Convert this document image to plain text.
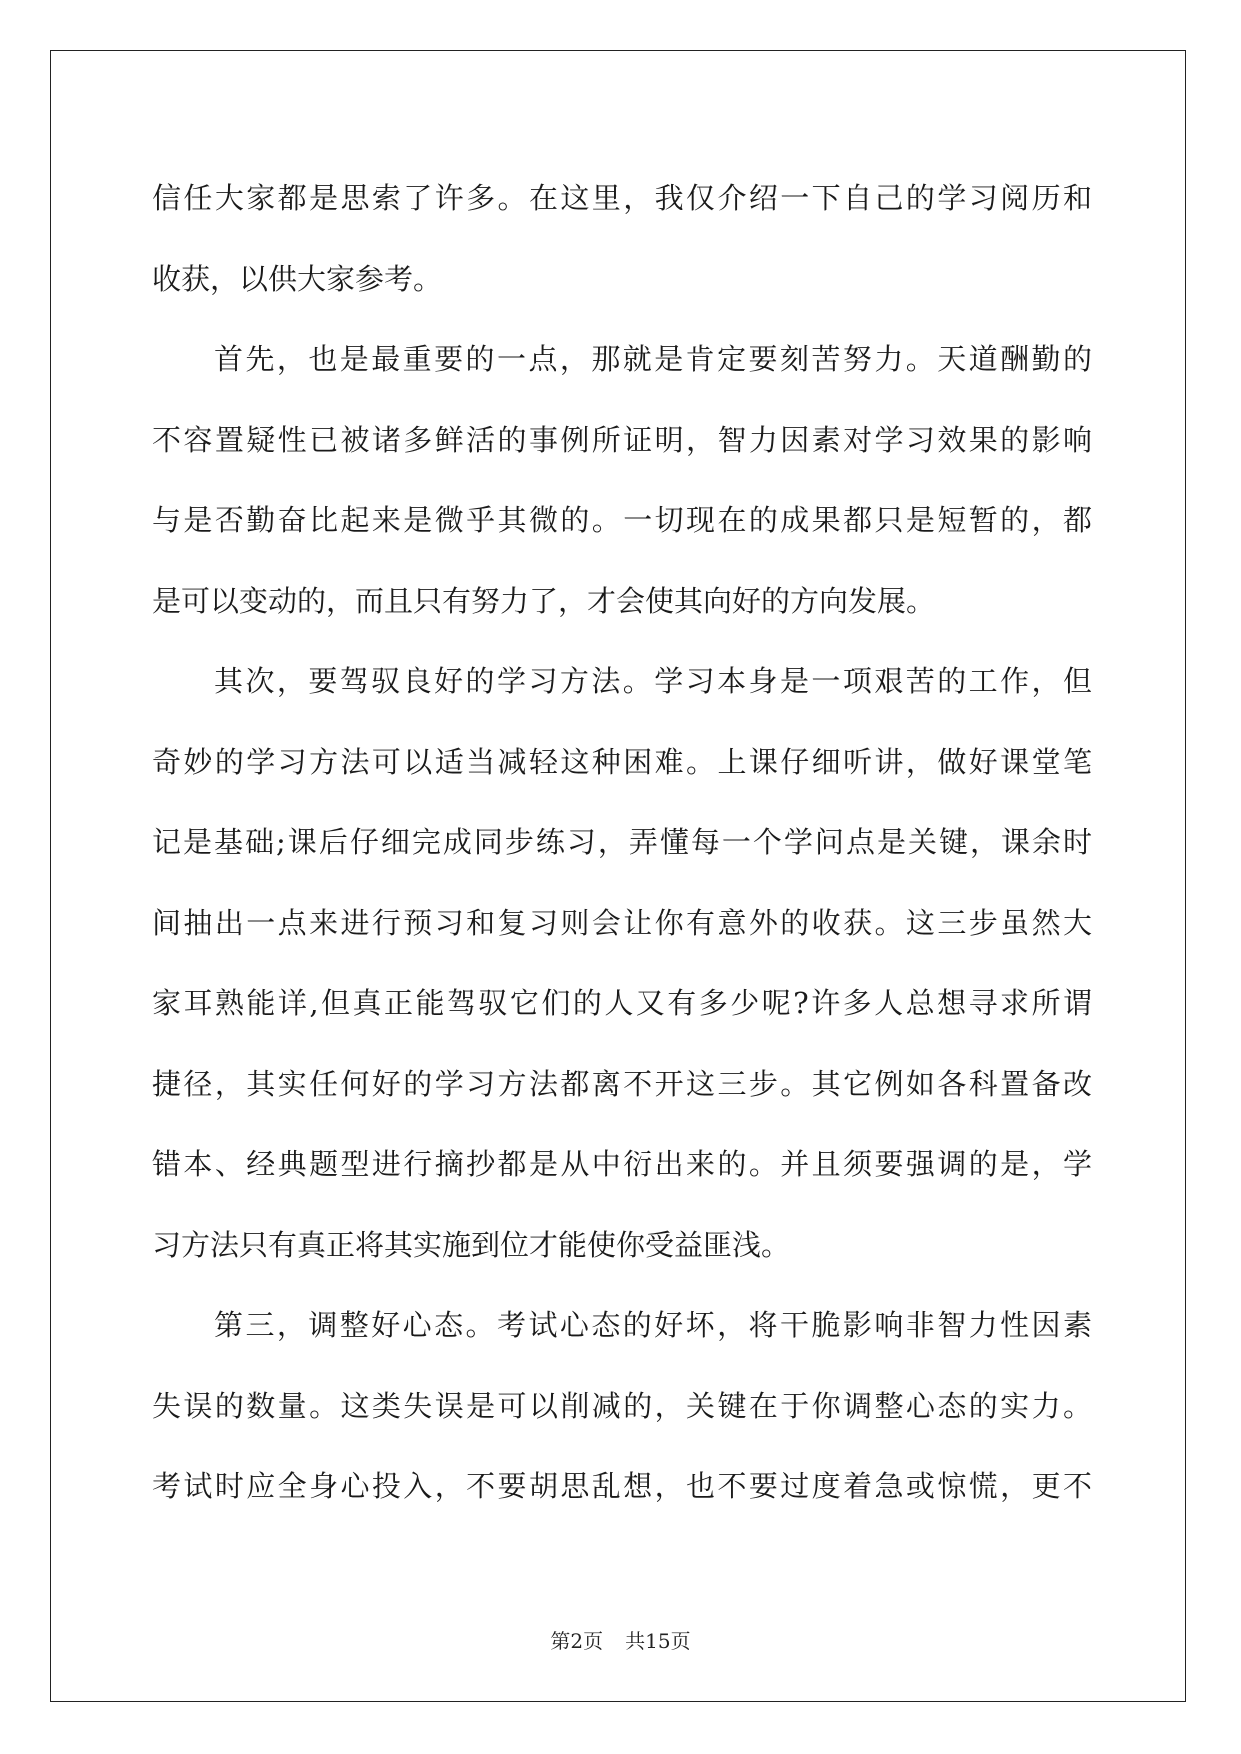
信任大家都是思索了许多。在这里，我仅介绍一下自己的学习阅历和
收获，以供大家参考。
首先，也是最重要的一点，那就是肯定要刻苦努力。天道酬勤的
不容置疑性已被诸多鲜活的事例所证明，智力因素对学习效果的影响
与是否勤奋比起来是微乎其微的。一切现在的成果都只是短暂的，都
是可以变动的，而且只有努力了，才会使其向好的方向发展。
其次，要驾驭良好的学习方法。学习本身是一项艰苦的工作，但
奇妙的学习方法可以适当减轻这种困难。上课仔细听讲，做好课堂笔
记是基础;课后仔细完成同步练习，弄懂每一个学问点是关键，课余时
间抽出一点来进行预习和复习则会让你有意外的收获。这三步虽然大
家耳熟能详,但真正能驾驭它们的人又有多少呢?许多人总想寻求所谓
捷径，其实任何好的学习方法都离不开这三步。其它例如各科置备改
错本、经典题型进行摘抄都是从中衍出来的。并且须要强调的是，学
习方法只有真正将其实施到位才能使你受益匪浅。
第三，调整好心态。考试心态的好坏，将干脆影响非智力性因素
失误的数量。这类失误是可以削减的，关键在于你调整心态的实力。
考试时应全身心投入，不要胡思乱想，也不要过度着急或惊慌，更不
第2页 共15页
